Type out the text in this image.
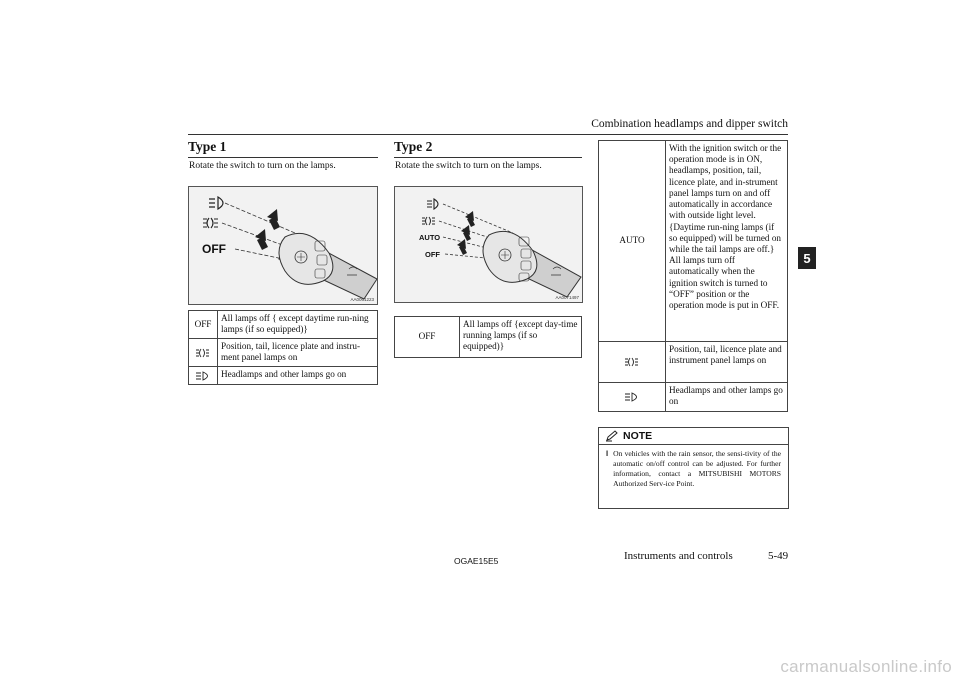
Combination headlamps and dipper switch
5
Type 1
Rotate the switch to turn on the lamps.
OFF
AA0061223
OFF	All lamps off { except daytime run-ning lamps (if so equipped)}
	Position, tail, licence plate and instru-ment panel lamps on
	Headlamps and other lamps go on
Type 2
Rotate the switch to turn on the lamps.
AUTO
OFF
AA0071497
OFF	All lamps off {except day-time running lamps (if so equipped)}
AUTO	With the ignition switch or the operation mode is in ON, headlamps, position, tail, licence plate, and in-strument panel lamps turn on and off automatically in accordance with outside light level. {Daytime run-ning lamps (if so equipped) will be turned on while the tail lamps are off.} All lamps turn off automatically when the ignition switch is turned to “OFF” position or the operation mode is put in OFF.
	Position, tail, licence plate and instrument panel lamps on
	Headlamps and other lamps go on
NOTE
l On vehicles with the rain sensor, the sensi-tivity of the automatic on/off control can be adjusted. For further information, contact a MITSUBISHI MOTORS Authorized Serv-ice Point.
OGAE15E5	Instruments and controls	5-49
carmanualsonline.info
